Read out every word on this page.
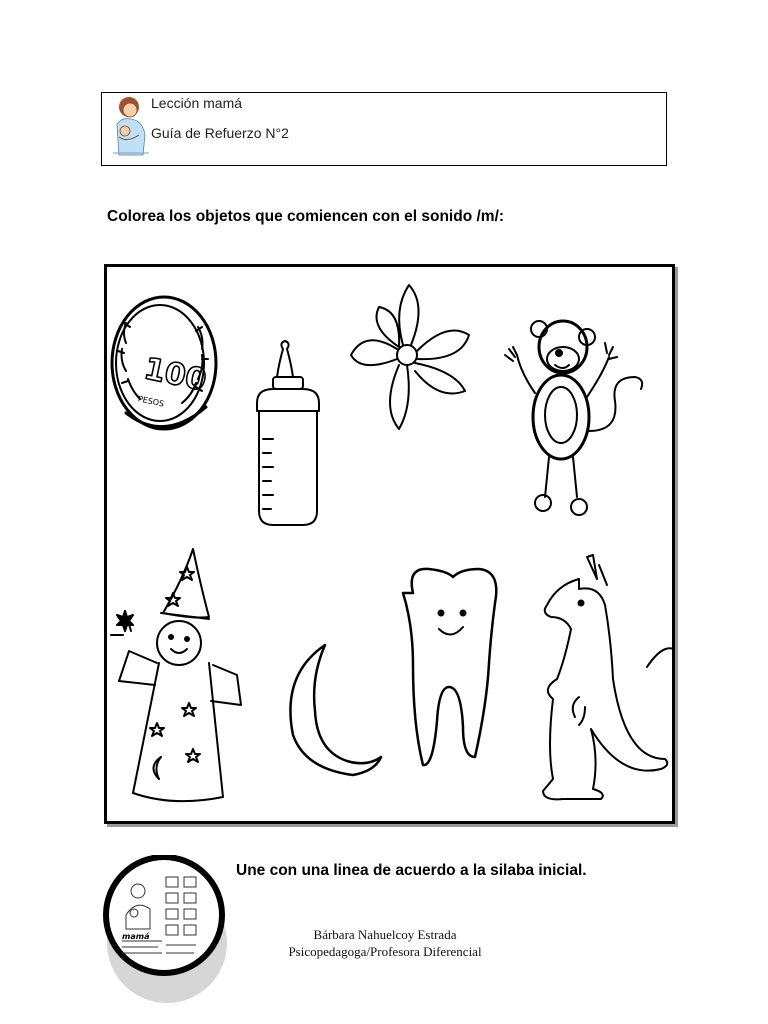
Lección mamá
Guía de Refuerzo N°2
Colorea los objetos que comiencen con el sonido /m/:
100
PESOS
Une con una linea de acuerdo a la silaba inicial.
mamá	Bárbara Nahuelcoy Estrada
Psicopedagoga/Profesora Diferencial
